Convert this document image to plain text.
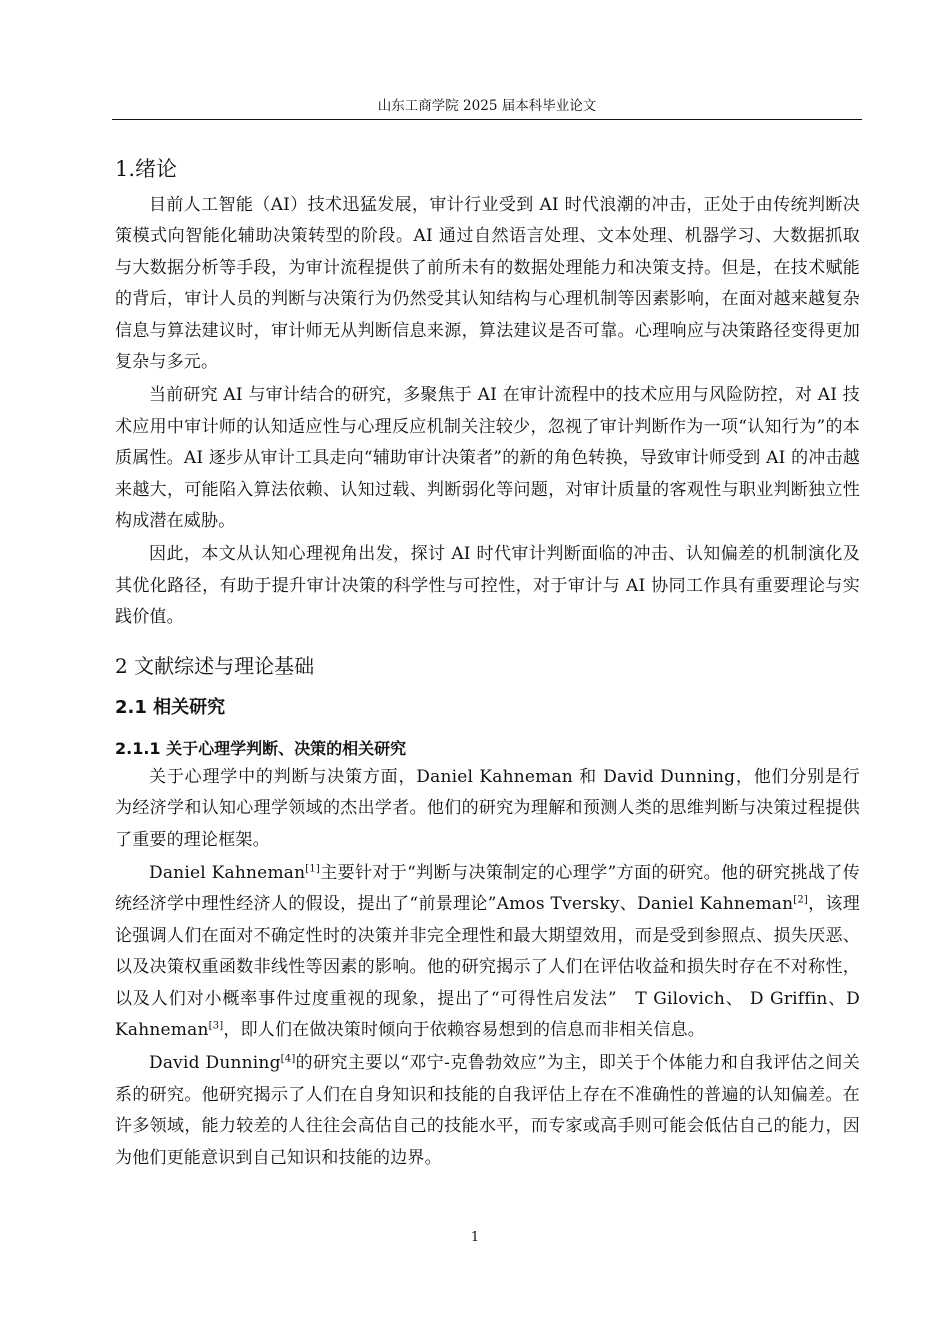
山东工商学院 2025 届本科毕业论文
1.绪论

目前人工智能（AI）技术迅猛发展，审计行业受到 AI 时代浪潮的冲击，正处于由传统判断决策模式向智能化辅助决策转型的阶段。AI 通过自然语言处理、文本处理、机器学习、大数据抓取与大数据分析等手段，为审计流程提供了前所未有的数据处理能力和决策支持。但是，在技术赋能的背后，审计人员的判断与决策行为仍然受其认知结构与心理机制等因素影响，在面对越来越复杂信息与算法建议时，审计师无从判断信息来源，算法建议是否可靠。心理响应与决策路径变得更加复杂与多元。

当前研究 AI 与审计结合的研究，多聚焦于 AI 在审计流程中的技术应用与风险防控，对 AI 技术应用中审计师的认知适应性与心理反应机制关注较少，忽视了审计判断作为一项“认知行为”的本质属性。AI 逐步从审计工具走向“辅助审计决策者”的新的角色转换，导致审计师受到 AI 的冲击越来越大，可能陷入算法依赖、认知过载、判断弱化等问题，对审计质量的客观性与职业判断独立性构成潜在威胁。

因此，本文从认知心理视角出发，探讨 AI 时代审计判断面临的冲击、认知偏差的机制演化及其优化路径，有助于提升审计决策的科学性与可控性，对于审计与 AI 协同工作具有重要理论与实践价值。

2 文献综述与理论基础
2.1 相关研究
2.1.1 关于心理学判断、决策的相关研究

关于心理学中的判断与决策方面，Daniel Kahneman 和 David Dunning，他们分别是行为经济学和认知心理学领域的杰出学者。他们的研究为理解和预测人类的思维判断与决策过程提供了重要的理论框架。

Daniel Kahneman[1]主要针对于“判断与决策制定的心理学”方面的研究。他的研究挑战了传统经济学中理性经济人的假设，提出了“前景理论”Amos Tversky、Daniel Kahneman[2]，该理论强调人们在面对不确定性时的决策并非完全理性和最大期望效用，而是受到参照点、损失厌恶、以及决策权重函数非线性等因素的影响。他的研究揭示了人们在评估收益和损失时存在不对称性，以及人们对小概率事件过度重视的现象，提出了“可得性启发法”　T Gilovich、 D Griffin、D Kahneman[3]，即人们在做决策时倾向于依赖容易想到的信息而非相关信息。

David Dunning[4]的研究主要以“邓宁-克鲁勃效应”为主，即关于个体能力和自我评估之间关系的研究。他研究揭示了人们在自身知识和技能的自我评估上存在不准确性的普遍的认知偏差。在许多领域，能力较差的人往往会高估自己的技能水平，而专家或高手则可能会低估自己的能力，因为他们更能意识到自己知识和技能的边界。

1
